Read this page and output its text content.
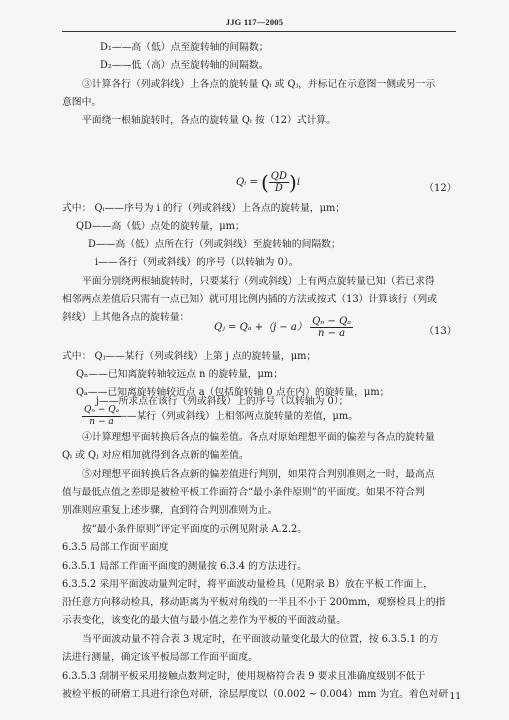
JJG 117—2005
D₁——高（低）点至旋转轴的间隔数；
D₂——低（高）点至旋转轴的间隔数。
③计算各行（列或斜线）上各点的旋转量 Qᵢ 或 Qⱼ，并标记在示意图一侧或另一示
意图中。
平面绕一根轴旋转时，各点的旋转量 Qᵢ 按（12）式计算。
式中： Qᵢ——序号为 i 的行（列或斜线）上各点的旋转量，μm；
QD——高（低）点处的旋转量，μm；
D——高（低）点所在行（列或斜线）至旋转轴的间隔数；
i——各行（列或斜线）的序号（以转轴为 0）。
平面分别绕两根轴旋转时，只要某行（列或斜线）上有两点旋转量已知（若已求得
相邻两点差值后只需有一点已知）就可用比例内插的方法或按式（13）计算该行（列或
斜线）上其他各点的旋转量：
式中： Qⱼ——某行（列或斜线）上第 j 点的旋转量，μm；
Qₙ——已知离旋转轴较远点 n 的旋转量，μm；
Qₐ——已知离旋转轴较近点 a（包括旋转轴 0 点在内）的旋转量，μm；
j——所求点在该行（列或斜线）上的序号（以转轴为 0）；
——某行（列或斜线）上相邻两点旋转量的差值，μm。
④计算理想平面转换后各点的偏差值。各点对原始理想平面的偏差与各点的旋转量
Qᵢ 或 Qⱼ 对应相加就得到各点新的偏差值。
⑤对理想平面转换后各点新的偏差值进行判别，如果符合判别准则之一时，最高点
值与最低点值之差即是被检平板工作面符合“最小条件原则”的平面度。如果不符合判
别准则应重复上述步骤，直到符合判别准则为止。
按“最小条件原则”评定平面度的示例见附录 A.2.2。
6.3.5 局部工作面平面度
6.3.5.1 局部工作面平面度的测量按 6.3.4 的方法进行。
6.3.5.2 采用平面波动量判定时，将平面波动量检具（见附录 B）放在平板工作面上，
沿任意方向移动检具，移动距离为平板对角线的一半且不小于 200mm，观察检具上的指
示表变化，该变化的最大值与最小值之差作为平板的平面波动量。
当平面波动量不符合表 3 规定时，在平面波动量变化最大的位置，按 6.3.5.1 的方
法进行测量，确定该平板局部工作面平面度。
6.3.5.3 刮制平板采用接触点数判定时，使用规格符合表 9 要求且准确度级别不低于
被检平板的研磨工具进行涂色对研，涂层厚度以（0.002 ~ 0.004）mm 为宜。着色对研
Qᵢ = ( $\frac{QD}{D} )i$
（12）
Qⱼ = $Q_a +(j - a) \frac{\text{Qₙ − Qₐ}}{n - a}$	（13）
$\frac{\text{Qₙ − Qₐ}}{n - a}$
11
